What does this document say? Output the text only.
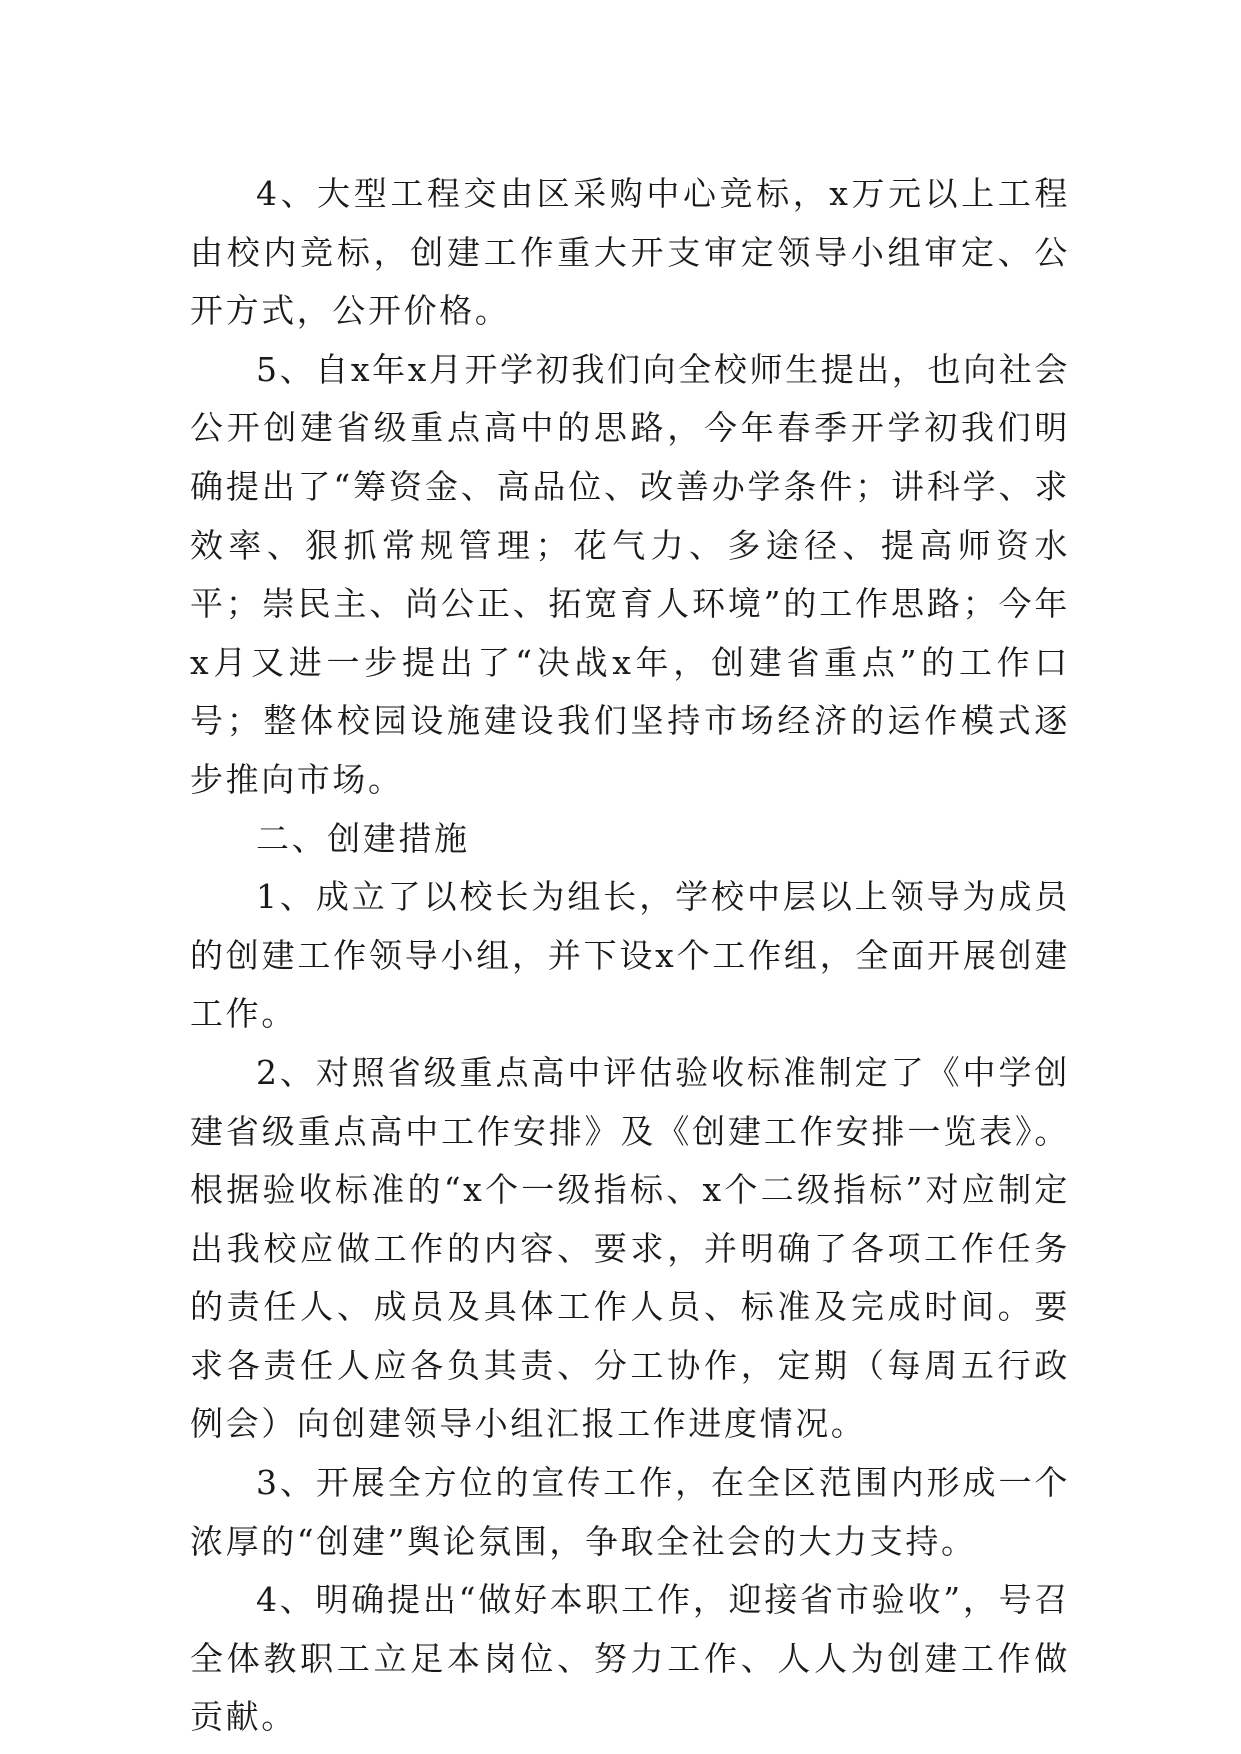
4、大型工程交由区采购中心竞标，x万元以上工程由校内竞标，创建工作重大开支审定领导小组审定、公开方式，公开价格。

5、自x年x月开学初我们向全校师生提出，也向社会公开创建省级重点高中的思路，今年春季开学初我们明确提出了“筹资金、高品位、改善办学条件；讲科学、求效率、狠抓常规管理；花气力、多途径、提高师资水平；崇民主、尚公正、拓宽育人环境”的工作思路；今年x月又进一步提出了“决战x年，创建省重点”的工作口号；整体校园设施建设我们坚持市场经济的运作模式逐步推向市场。

二、创建措施

1、成立了以校长为组长，学校中层以上领导为成员的创建工作领导小组，并下设x个工作组，全面开展创建工作。

2、对照省级重点高中评估验收标准制定了《中学创建省级重点高中工作安排》及《创建工作安排一览表》。根据验收标准的“x个一级指标、x个二级指标”对应制定出我校应做工作的内容、要求，并明确了各项工作任务的责任人、成员及具体工作人员、标准及完成时间。要求各责任人应各负其责、分工协作，定期（每周五行政例会）向创建领导小组汇报工作进度情况。

3、开展全方位的宣传工作，在全区范围内形成一个浓厚的“创建”舆论氛围，争取全社会的大力支持。

4、明确提出“做好本职工作，迎接省市验收”，号召全体教职工立足本岗位、努力工作、人人为创建工作做贡献。
